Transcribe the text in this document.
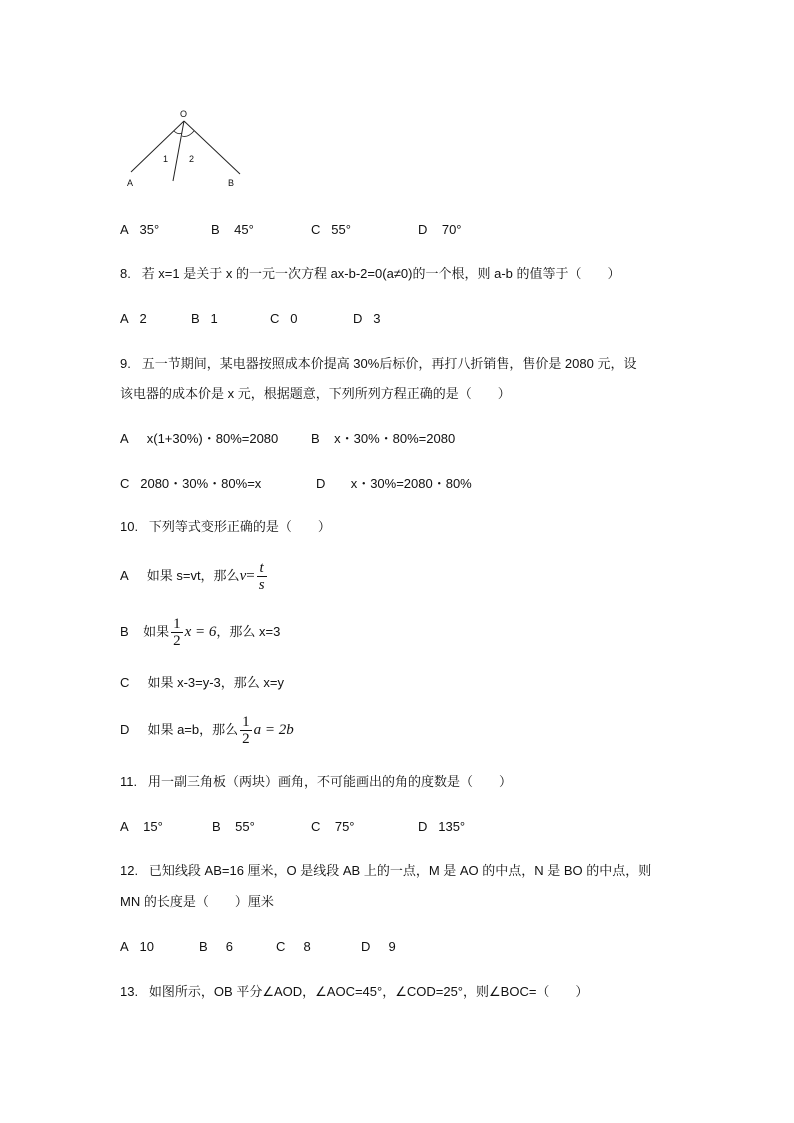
O
A	B
1 2
A 35°	B 45°	C 55°	D 70°
8. 若 x=1 是关于 x 的一元一次方程 ax-b-2=0(a≠0)的一个根，则 a-b 的值等于（　　）
A 2	B 1	C 0	D 3
9. 五一节期间，某电器按照成本价提高 30%后标价，再打八折销售，售价是 2080 元，设
该电器的成本价是 x 元，根据题意，下列所列方程正确的是（　　）
A x(1+30%)・80%=2080	B x・30%・80%=2080
C 2080・30%・80%=x	D x・30%=2080・80%
10. 下列等式变形正确的是（　　）
A
如果 s=vt，那么 $v = \frac{t}{s}$
B
如果 $\frac{1}{2}$ x = 6 ，那么 x=3
C 如果 x-3=y-3，那么 x=y
D
如果 a=b，那么 $\frac{1}{2}$ a = 2b
11. 用一副三角板（两块）画角，不可能画出的角的度数是（　　）
A 15°	B 55°	C 75°	D 135°
12. 已知线段 AB=16 厘米，O 是线段 AB 上的一点，M 是 AO 的中点，N 是 BO 的中点，则
MN 的长度是（　　）厘米
A 10	B 6	C 8	D 9
13. 如图所示，OB 平分∠AOD，∠AOC=45°，∠COD=25°，则∠BOC=（　　）
